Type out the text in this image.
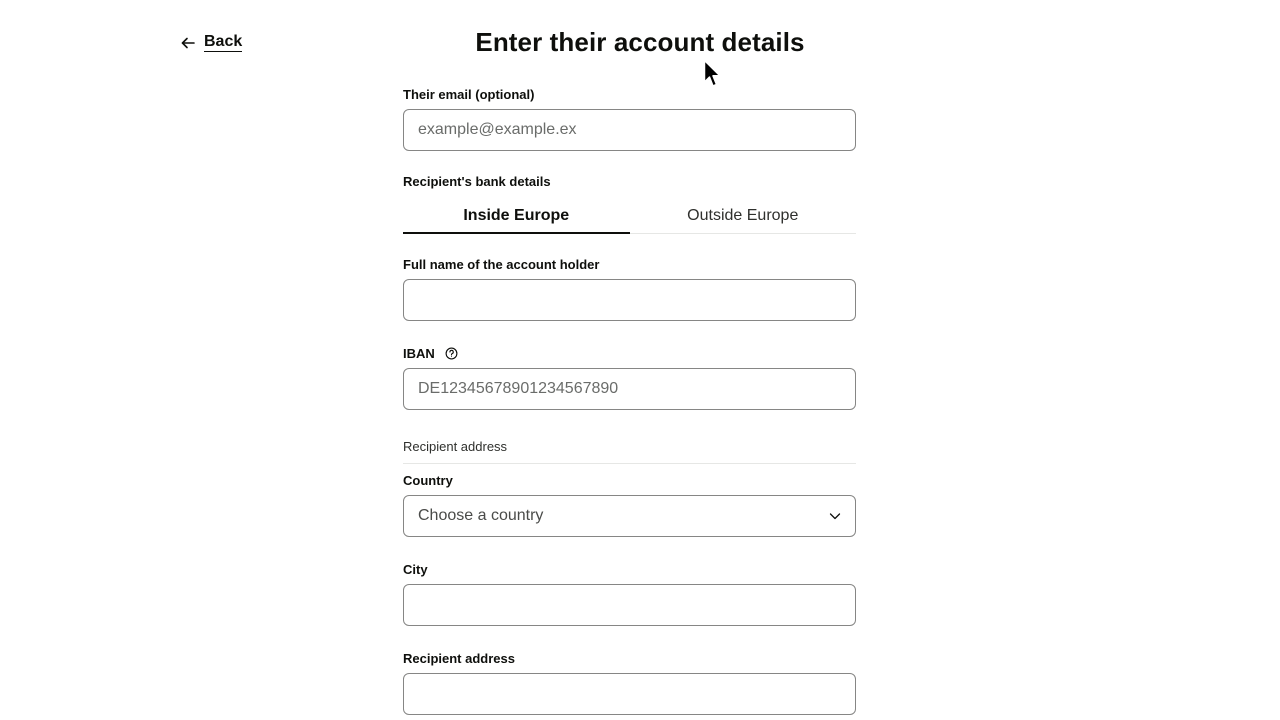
Back	Enter their account details
Their email (optional)
example@example.ex
Recipient's bank details
Inside Europe	Outside Europe
Full name of the account holder
IBAN
DE12345678901234567890
Recipient address
Country
Choose a country
City
Recipient address
